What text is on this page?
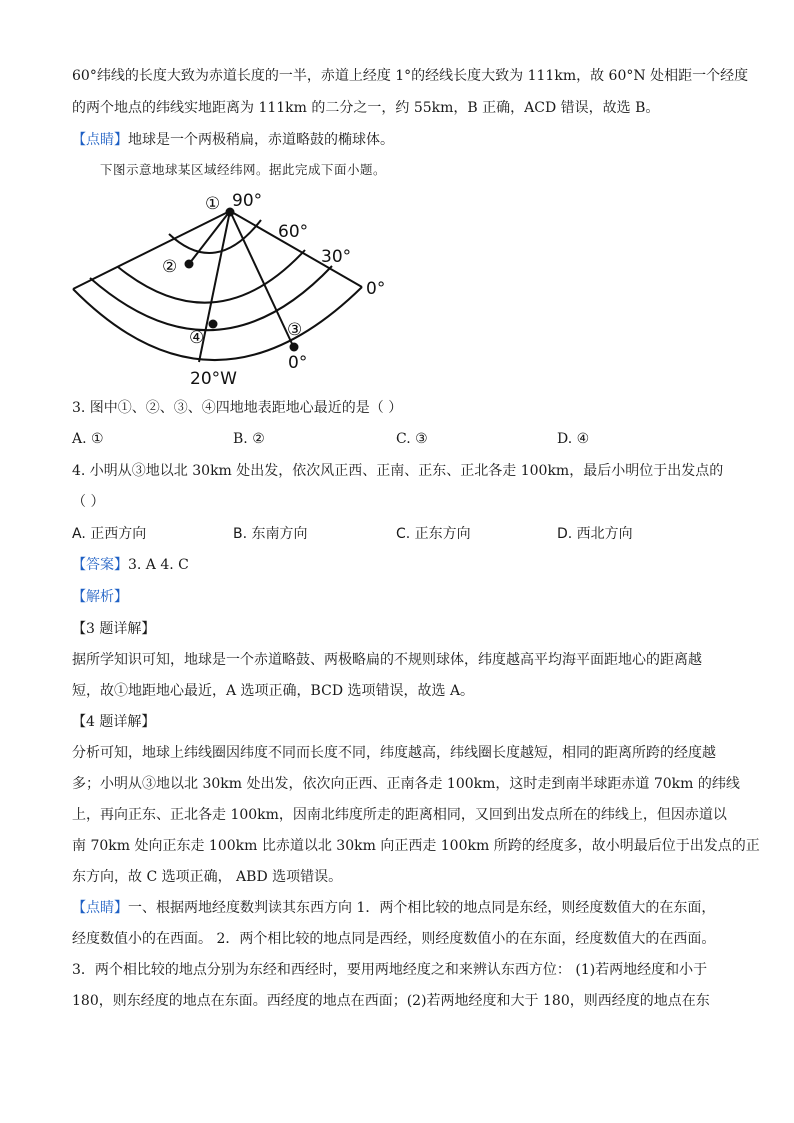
60°纬线的长度大致为赤道长度的一半，赤道上经度 1°的经线长度大致为 111km，故 60°N 处相距一个经度
的两个地点的纬线实地距离为 111km 的二分之一，约 55km，B 正确，ACD 错误，故选 B。
【点睛】地球是一个两极稍扁，赤道略鼓的椭球体。
下图示意地球某区域经纬网。据此完成下面小题。
90°
60°
30°
0°
0°
20°W
①
②
④	③
3. 图中①、②、③、④四地地表距地心最近的是（ ）
A. ①	B. ②	C. ③	D. ④
4. 小明从③地以北 30km 处出发，依次风正西、正南、正东、正北各走 100km，最后小明位于出发点的
（ ）
A. 正西方向	B. 东南方向	C. 正东方向	D. 西北方向
【答案】3. A 4. C
【解析】
【3 题详解】
据所学知识可知，地球是一个赤道略鼓、两极略扁的不规则球体，纬度越高平均海平面距地心的距离越
短，故①地距地心最近，A 选项正确，BCD 选项错误，故选 A。
【4 题详解】
分析可知，地球上纬线圈因纬度不同而长度不同，纬度越高，纬线圈长度越短，相同的距离所跨的经度越
多；小明从③地以北 30km 处出发，依次向正西、正南各走 100km，这时走到南半球距赤道 70km 的纬线
上，再向正东、正北各走 100km，因南北纬度所走的距离相同，又回到出发点所在的纬线上，但因赤道以
南 70km 处向正东走 100km 比赤道以北 30km 向正西走 100km 所跨的经度多，故小明最后位于出发点的正
东方向，故 C 选项正确， ABD 选项错误。
【点睛】一、根据两地经度数判读其东西方向 1．两个相比较的地点同是东经，则经度数值大的在东面，
经度数值小的在西面。 2．两个相比较的地点同是西经，则经度数值小的在东面，经度数值大的在西面。
3．两个相比较的地点分别为东经和西经时，要用两地经度之和来辨认东西方位： (1)若两地经度和小于
180，则东经度的地点在东面。西经度的地点在西面；(2)若两地经度和大于 180，则西经度的地点在东
